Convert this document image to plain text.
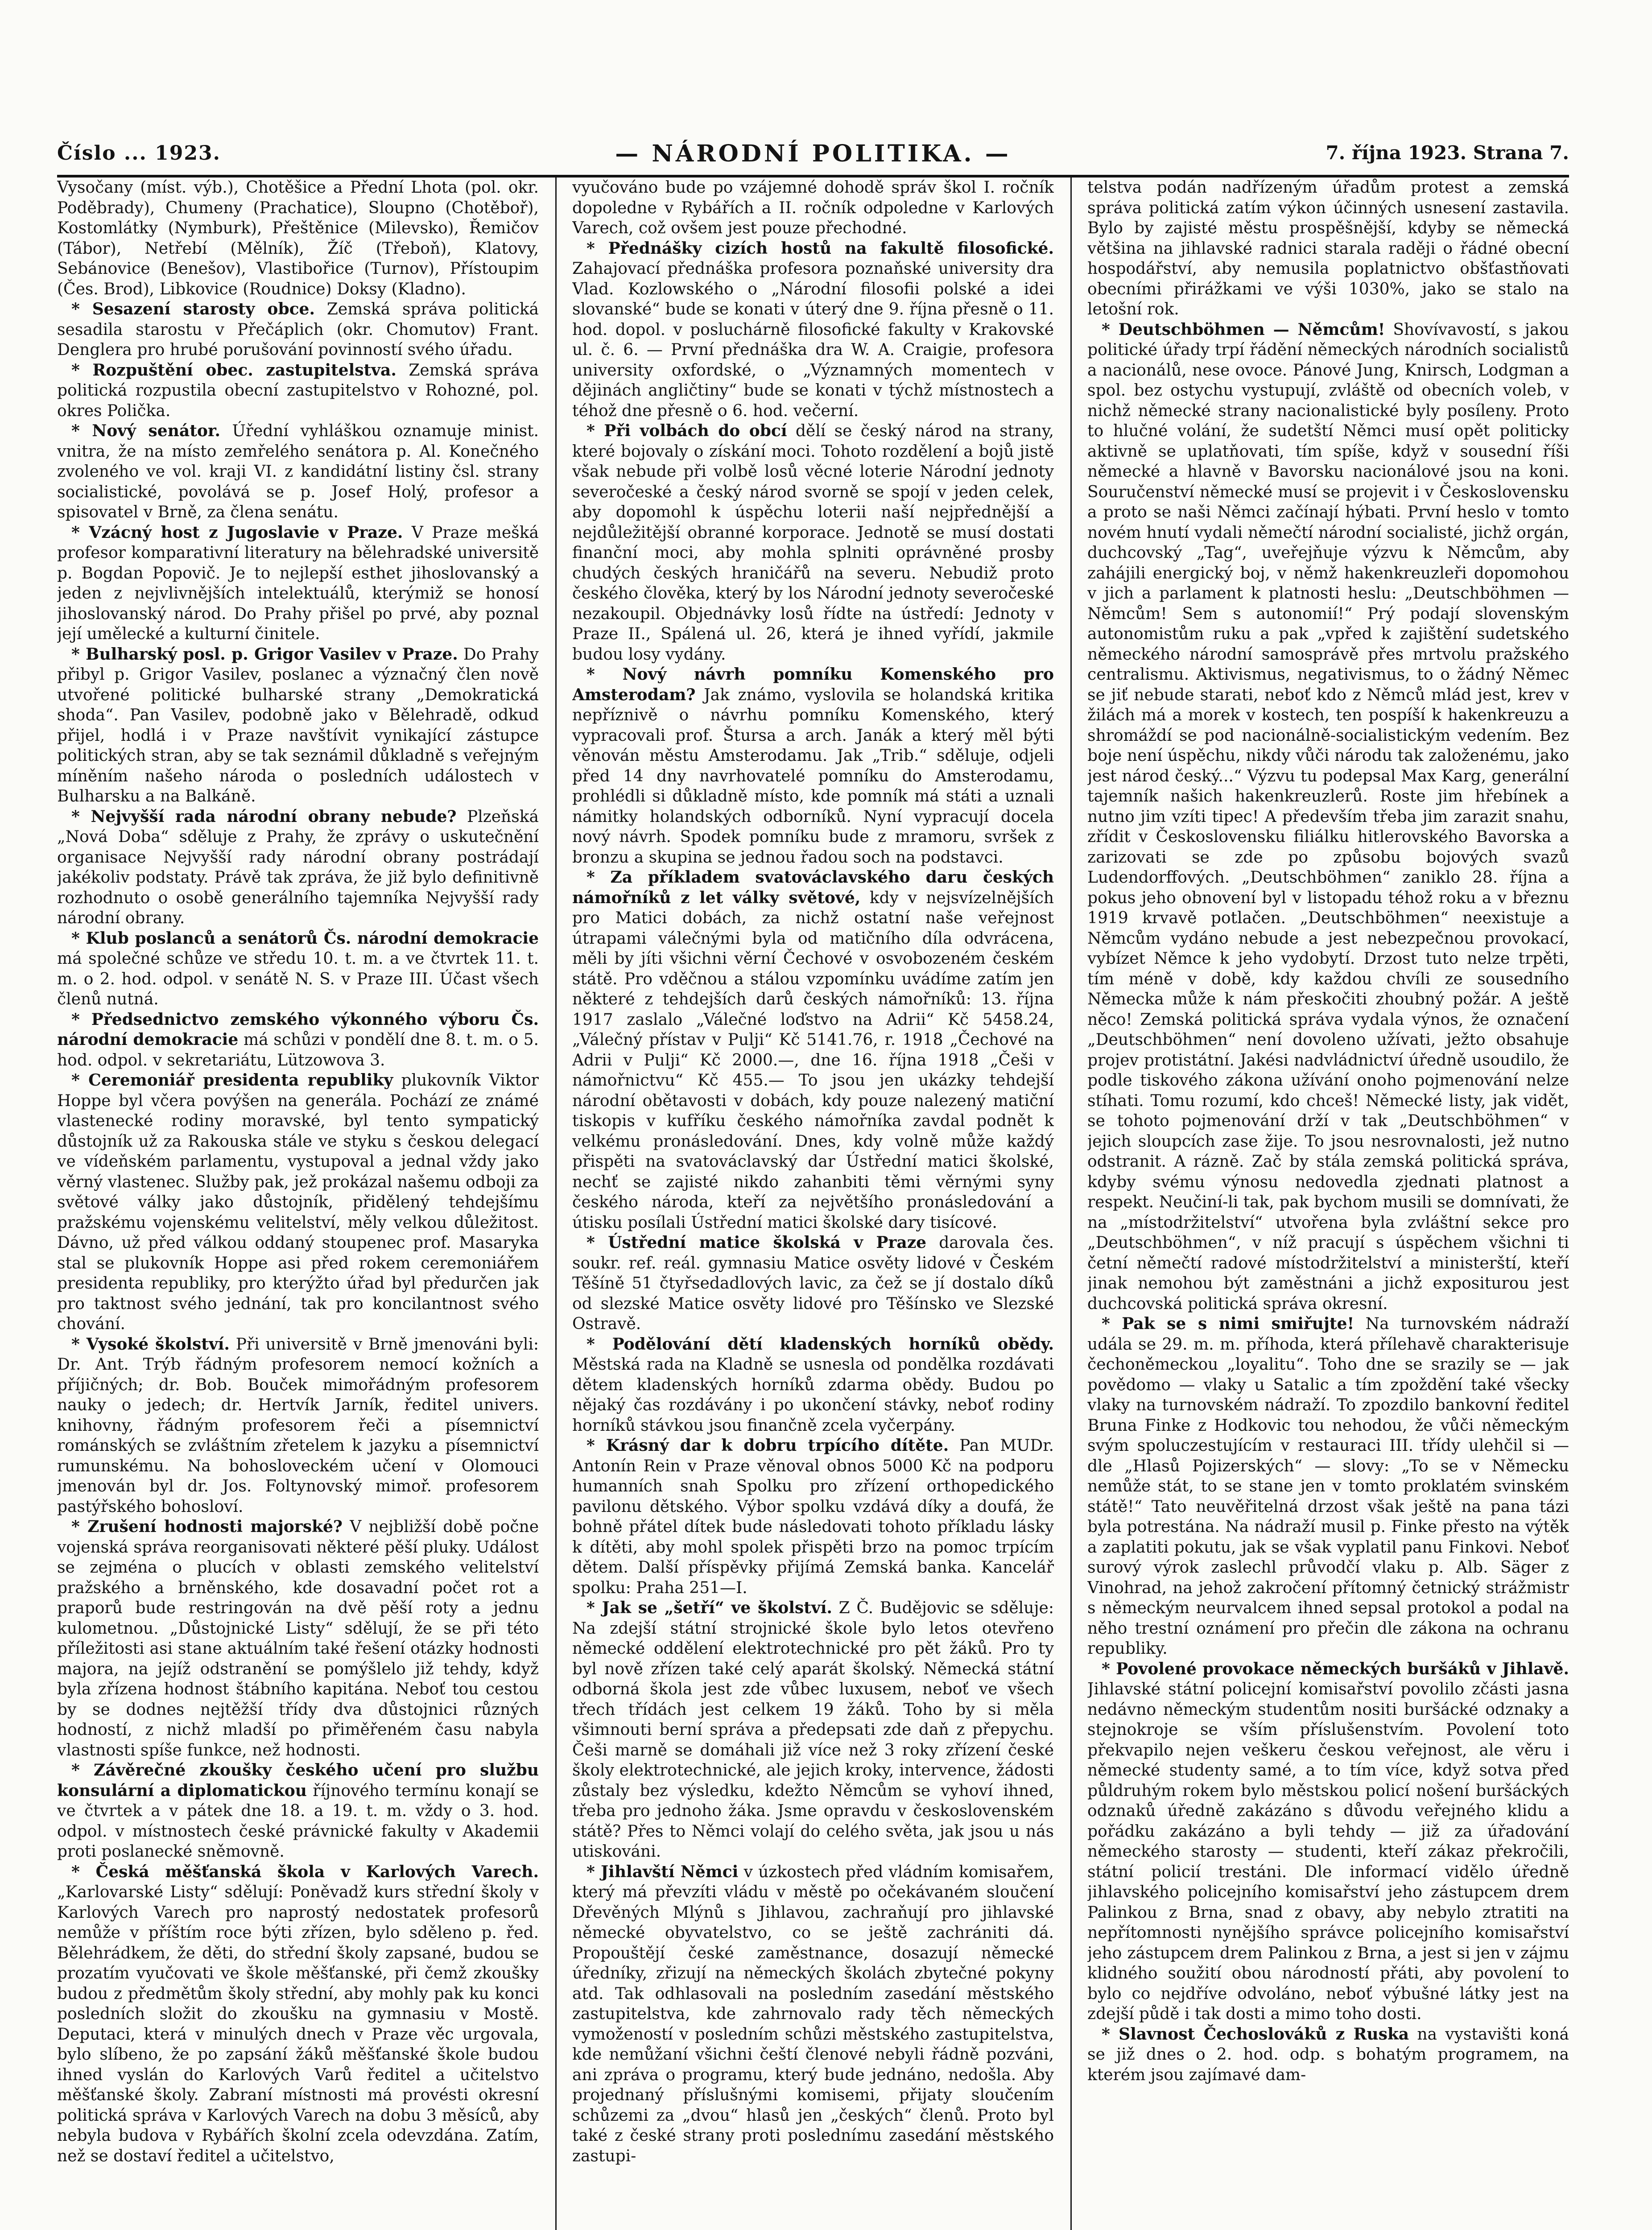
Číslo ... 1923.	— NÁRODNÍ POLITIKA. —	7. října 1923. Strana 7.

Vysočany (míst. výb.), Chotěšice a Přední Lhota (pol. okr. Poděbrady), Chumeny (Prachatice), Sloupno (Chotěboř), Kostomlátky (Nymburk), Přeštěnice (Milevsko), Řemičov (Tábor), Netřebí (Mělník), Žíč (Třeboň), Klatovy, Sebánovice (Benešov), Vlastibořice (Turnov), Přístoupim (Čes. Brod), Libkovice (Roudnice) Doksy (Kladno).

* Sesazení starosty obce. Zemská správa politická sesadila starostu v Přečáplich (okr. Chomutov) Frant. Denglera pro hrubé porušování povinností svého úřadu.

* Rozpuštění obec. zastupitelstva. Zemská správa politická rozpustila obecní zastupitelstvo v Rohozné, pol. okres Polička.

* Nový senátor. Úřední vyhláškou oznamuje minist. vnitra, že na místo zemřelého senátora p. Al. Konečného zvoleného ve vol. kraji VI. z kandidátní listiny čsl. strany socialistické, povolává se p. Josef Holý, profesor a spisovatel v Brně, za člena senátu.

* Vzácný host z Jugoslavie v Praze. V Praze mešká profesor komparativní literatury na bělehradské universitě p. Bogdan Popovič. Je to nejlepší esthet jihoslovanský a jeden z nejvlivnějších intelektuálů, kterýmiž se honosí jihoslovanský národ. Do Prahy přišel po prvé, aby poznal její umělecké a kulturní činitele.

* Bulharský posl. p. Grigor Vasilev v Praze. Do Prahy přibyl p. Grigor Vasilev, poslanec a význačný člen nově utvořené politické bulharské strany „Demokratická shoda“. Pan Vasilev, podobně jako v Bělehradě, odkud přijel, hodlá i v Praze navštívit vynikající zástupce politických stran, aby se tak seznámil důkladně s veřejným míněním našeho národa o posledních událostech v Bulharsku a na Balkáně.

* Nejvyšší rada národní obrany nebude? Plzeňská „Nová Doba“ sděluje z Prahy, že zprávy o uskutečnění organisace Nejvyšší rady národní obrany postrádají jakékoliv podstaty. Právě tak zpráva, že již bylo definitivně rozhodnuto o osobě generálního tajemníka Nejvyšší rady národní obrany.

* Klub poslanců a senátorů Čs. národní demokracie má společné schůze ve středu 10. t. m. a ve čtvrtek 11. t. m. o 2. hod. odpol. v senátě N. S. v Praze III. Účast všech členů nutná.

* Předsednictvo zemského výkonného výboru Čs. národní demokracie má schůzi v pondělí dne 8. t. m. o 5. hod. odpol. v sekretariátu, Lützowova 3.

* Ceremoniář presidenta republiky plukovník Viktor Hoppe byl včera povýšen na generála. Pochází ze známé vlastenecké rodiny moravské, byl tento sympatický důstojník už za Rakouska stále ve styku s českou delegací ve vídeňském parlamentu, vystupoval a jednal vždy jako věrný vlastenec. Služby pak, jež prokázal našemu odboji za světové války jako důstojník, přidělený tehdejšímu pražskému vojenskému velitelství, měly velkou důležitost. Dávno, už před válkou oddaný stoupenec prof. Masaryka stal se plukovník Hoppe asi před rokem ceremoniářem presidenta republiky, pro kterýžto úřad byl předurčen jak pro taktnost svého jednání, tak pro koncilantnost svého chování.

* Vysoké školství. Při universitě v Brně jmenováni byli: Dr. Ant. Trýb řádným profesorem nemocí kožních a příjičných; dr. Bob. Bouček mimořádným profesorem nauky o jedech; dr. Hertvík Jarník, ředitel univers. knihovny, řádným profesorem řeči a písemnictví románských se zvláštním zřetelem k jazyku a písemnictví rumunskému. Na bohosloveckém učení v Olomouci jmenován byl dr. Jos. Foltynovský mimoř. profesorem pastýřského bohosloví.

* Zrušení hodnosti majorské? V nejbližší době počne vojenská správa reorganisovati některé pěší pluky. Událost se zejména o plucích v oblasti zemského velitelství pražského a brněnského, kde dosavadní počet rot a praporů bude restringován na dvě pěší roty a jednu kulometnou. „Důstojnické Listy“ sdělují, že se při této příležitosti asi stane aktuálním také řešení otázky hodnosti majora, na jejíž odstranění se pomýšlelo již tehdy, když byla zřízena hodnost štábního kapitána. Neboť tou cestou by se dodnes nejtěžší třídy dva důstojnici různých hodností, z nichž mladší po přiměřeném času nabyla vlastnosti spíše funkce, než hodnosti.

* Závěrečné zkoušky českého učení pro službu konsulární a diplomatickou říjnového termínu konají se ve čtvrtek a v pátek dne 18. a 19. t. m. vždy o 3. hod. odpol. v místnostech české právnické fakulty v Akademii proti poslanecké sněmovně.

* Česká měšťanská škola v Karlových Varech. „Karlovarské Listy“ sdělují: Poněvadž kurs střední školy v Karlových Varech pro naprostý nedostatek profesorů nemůže v příštím roce býti zřízen, bylo sděleno p. řed. Bělehrádkem, že děti, do střední školy zapsané, budou se prozatím vyučovati ve škole měšťanské, při čemž zkoušky budou z předmětům školy střední, aby mohly pak ku konci posledních složit do zkoušku na gymnasiu v Mostě. Deputaci, která v minulých dnech v Praze věc urgovala, bylo slíbeno, že po zapsání žáků měšťanské škole budou ihned vyslán do Karlových Varů ředitel a učitelstvo měšťanské školy. Zabraní místnosti má provésti okresní politická správa v Karlových Varech na dobu 3 měsíců, aby nebyla budova v Rybářích školní zcela odevzdána. Zatím, než se dostaví ředitel a učitelstvo,

vyučováno bude po vzájemné dohodě správ škol I. ročník dopoledne v Rybářích a II. ročník odpoledne v Karlových Varech, což ovšem jest pouze přechodné.

* Přednášky cizích hostů na fakultě filosofické. Zahajovací přednáška profesora poznaňské university dra Vlad. Kozlowského o „Národní filosofii polské a idei slovanské“ bude se konati v úterý dne 9. října přesně o 11. hod. dopol. v posluchárně filosofické fakulty v Krakovské ul. č. 6. — První přednáška dra W. A. Craigie, profesora university oxfordské, o „Významných momentech v dějinách angličtiny“ bude se konati v týchž místnostech a téhož dne přesně o 6. hod. večerní.

* Při volbách do obcí dělí se český národ na strany, které bojovaly o získání moci. Tohoto rozdělení a bojů jistě však nebude při volbě losů věcné loterie Národní jednoty severočeské a český národ svorně se spojí v jeden celek, aby dopomohl k úspěchu loterii naší nejpřednější a nejdůležitější obranné korporace. Jednotě se musí dostati finanční moci, aby mohla splniti oprávněné prosby chudých českých hraničářů na severu. Nebudiž proto českého člověka, který by los Národní jednoty severočeské nezakoupil. Objednávky losů řídte na ústředí: Jednoty v Praze II., Spálená ul. 26, která je ihned vyřídí, jakmile budou losy vydány.

* Nový návrh pomníku Komenského pro Amsterodam? Jak známo, vyslovila se holandská kritika nepříznivě o návrhu pomníku Komenského, který vypracovali prof. Štursa a arch. Janák a který měl býti věnován městu Amsterodamu. Jak „Trib.“ sděluje, odjeli před 14 dny navrhovatelé pomníku do Amsterodamu, prohlédli si důkladně místo, kde pomník má státi a uznali námitky holandských odborníků. Nyní vypracují docela nový návrh. Spodek pomníku bude z mramoru, svršek z bronzu a skupina se jednou řadou soch na podstavci.

* Za příkladem svatováclavského daru českých námořníků z let války světové, kdy v nejsvízelnějších pro Matici dobách, za nichž ostatní naše veřejnost útrapami válečnými byla od matičního díla odvrácena, měli by jíti všichni věrní Čechové v osvobozeném českém státě. Pro vděčnou a stálou vzpomínku uvádíme zatím jen některé z tehdejších darů českých námořníků: 13. října 1917 zaslalo „Válečné loďstvo na Adrii“ Kč 5458.24, „Válečný přístav v Pulji“ Kč 5141.76, r. 1918 „Čechové na Adrii v Pulji“ Kč 2000.—, dne 16. října 1918 „Češi v námořnictvu“ Kč 455.— To jsou jen ukázky tehdejší národní obětavosti v dobách, kdy pouze nalezený matiční tiskopis v kufříku českého námořníka zavdal podnět k velkému pronásledování. Dnes, kdy volně může každý přispěti na svatováclavský dar Ústřední matici školské, nechť se zajisté nikdo zahanbiti těmi věrnými syny českého národa, kteří za největšího pronásledování a útisku posílali Ústřední matici školské dary tisícové.

* Ústřední matice školská v Praze darovala čes. soukr. ref. reál. gymnasiu Matice osvěty lidové v Českém Těšíně 51 čtyřsedadlových lavic, za čež se jí dostalo díků od slezské Matice osvěty lidové pro Těšínsko ve Slezské Ostravě.

* Podělování dětí kladenských horníků obědy. Městská rada na Kladně se usnesla od pondělka rozdávati dětem kladenských horníků zdarma obědy. Budou po nějaký čas rozdávány i po ukončení stávky, neboť rodiny horníků stávkou jsou finančně zcela vyčerpány.

* Krásný dar k dobru trpícího dítěte. Pan MUDr. Antonín Rein v Praze věnoval obnos 5000 Kč na podporu humanních snah Spolku pro zřízení orthopedického pavilonu dětského. Výbor spolku vzdává díky a doufá, že bohně přátel dítek bude následovati tohoto příkladu lásky k dítěti, aby mohl spolek přispěti brzo na pomoc trpícím dětem. Další příspěvky přijímá Zemská banka. Kancelář spolku: Praha 251—I.

* Jak se „šetří“ ve školství. Z Č. Budějovic se sděluje: Na zdejší státní strojnické škole bylo letos otevřeno německé oddělení elektrotechnické pro pět žáků. Pro ty byl nově zřízen také celý aparát školský. Německá státní odborná škola jest zde vůbec luxusem, neboť ve všech třech třídách jest celkem 19 žáků. Toho by si měla všimnouti berní správa a předepsati zde daň z přepychu. Češi marně se domáhali již více než 3 roky zřízení české školy elektrotechnické, ale jejich kroky, intervence, žádosti zůstaly bez výsledku, kdežto Němcům se vyhoví ihned, třeba pro jednoho žáka. Jsme opravdu v československém státě? Přes to Němci volají do celého světa, jak jsou u nás utiskováni.

* Jihlavští Němci v úzkostech před vládním komisařem, který má převzíti vládu v městě po očekávaném sloučení Dřevěných Mlýnů s Jihlavou, zachraňují pro jihlavské německé obyvatelstvo, co se ještě zachrániti dá. Propouštějí české zaměstnance, dosazují německé úředníky, zřizují na německých školách zbytečné pokyny atd. Tak odhlasovali na posledním zasedání městského zastupitelstva, kde zahrnovalo rady těch německých vymožeností v posledním schůzi městského zastupitelstva, kde nemůžaní všichni čeští členové nebyli řádně pozváni, ani zpráva o programu, který bude jednáno, nedošla. Aby projednaný příslušnými komisemi, přijaty sloučením schůzemi za „dvou“ hlasů jen „českých“ členů. Proto byl také z české strany proti poslednímu zasedání městského zastupi-

telstva podán nadřízeným úřadům protest a zemská správa politická zatím výkon účinných usnesení zastavila. Bylo by zajisté městu prospěšnější, kdyby se německá většina na jihlavské radnici starala raději o řádné obecní hospodářství, aby nemusila poplatnictvo obšťastňovati obecními přirážkami ve výši 1030%, jako se stalo na letošní rok.

* Deutschböhmen — Němcům! Shovívavostí, s jakou politické úřady trpí řádění německých národních socialistů a nacionálů, nese ovoce. Pánové Jung, Knirsch, Lodgman a spol. bez ostychu vystupují, zvláště od obecních voleb, v nichž německé strany nacionalistické byly posíleny. Proto to hlučné volání, že sudetští Němci musí opět politicky aktivně se uplatňovati, tím spíše, když v sousední říši německé a hlavně v Bavorsku nacionálové jsou na koni. Souručenství německé musí se projevit i v Československu a proto se naši Němci začínají hýbati. První heslo v tomto novém hnutí vydali němečtí národní socialisté, jichž orgán, duchcovský „Tag“, uveřejňuje výzvu k Němcům, aby zahájili energický boj, v němž hakenkreuzleři dopomohou v jich a parlament k platnosti heslu: „Deutschböhmen — Němcům! Sem s autonomií!“ Prý podají slovenským autonomistům ruku a pak „vpřed k zajištění sudetského německého národní samosprávě přes mrtvolu pražského centralismu. Aktivismus, negativismus, to o žádný Němec se jiť nebude starati, neboť kdo z Němců mlád jest, krev v žilách má a morek v kostech, ten pospíší k hakenkreuzu a shromáždí se pod nacionálně-socialistickým vedením. Bez boje není úspěchu, nikdy vůči národu tak založenému, jako jest národ český...“ Výzvu tu podepsal Max Karg, generální tajemník našich hakenkreuzlerů. Roste jim hřebínek a nutno jim vzíti tipec! A především třeba jim zarazit snahu, zřídit v Československu filiálku hitlerovského Bavorska a zarizovati se zde po způsobu bojových svazů Ludendorffových. „Deutschböhmen“ zaniklo 28. října a pokus jeho obnovení byl v listopadu téhož roku a v březnu 1919 krvavě potlačen. „Deutschböhmen“ neexistuje a Němcům vydáno nebude a jest nebezpečnou provokací, vybízet Němce k jeho vydobytí. Drzost tuto nelze trpěti, tím méně v době, kdy každou chvíli ze sousedního Německa může k nám přeskočiti zhoubný požár. A ještě něco! Zemská politická správa vydala výnos, že označení „Deutschböhmen“ není dovoleno užívati, ježto obsahuje projev protistátní. Jakési nadvládnictví úředně usoudilo, že podle tiskového zákona užívání onoho pojmenování nelze stíhati. Tomu rozumí, kdo chceš! Německé listy, jak vidět, se tohoto pojmenování drží v tak „Deutschböhmen“ v jejich sloupcích zase žije. To jsou nesrovnalosti, jež nutno odstranit. A rázně. Zač by stála zemská politická správa, kdyby svému výnosu nedovedla zjednati platnost a respekt. Neučiní-li tak, pak bychom musili se domnívati, že na „místodržitelství“ utvořena byla zvláštní sekce pro „Deutschböhmen“, v níž pracují s úspěchem všichni ti četní němečtí radové místodržitelství a ministerští, kteří jinak nemohou být zaměstnáni a jichž expositurou jest duchcovská politická správa okresní.

* Pak se s nimi smiřujte! Na turnovském nádraží udála se 29. m. m. příhoda, která přílehavě charakterisuje čechoněmeckou „loyalitu“. Toho dne se srazily se — jak povědomo — vlaky u Satalic a tím zpoždění také všecky vlaky na turnovském nádraží. To zpozdilo bankovní ředitel Bruna Finke z Hodkovic tou nehodou, že vůči německým svým spoluczestujícím v restauraci III. třídy ulehčil si — dle „Hlasů Pojizerských“ — slovy: „To se v Německu nemůže stát, to se stane jen v tomto proklatém svinském státě!“ Tato neuvěřitelná drzost však ještě na pana tázi byla potrestána. Na nádraží musil p. Finke přesto na výtěk a zaplatiti pokutu, jak se však vyplatil panu Finkovi. Neboť surový výrok zaslechl průvodčí vlaku p. Alb. Säger z Vinohrad, na jehož zakročení přítomný četnický strážmistr s německým neurvalcem ihned sepsal protokol a podal na něho trestní oznámení pro přečin dle zákona na ochranu republiky.

* Povolené provokace německých buršáků v Jihlavě. Jihlavské státní policejní komisařství povolilo zčásti jasna nedávno německým studentům nositi buršácké odznaky a stejnokroje se vším příslušenstvím. Povolení toto překvapilo nejen veškeru českou veřejnost, ale věru i německé studenty samé, a to tím více, když sotva před půldruhým rokem bylo městskou policí nošení buršáckých odznaků úředně zakázáno s důvodu veřejného klidu a pořádku zakázáno a byli tehdy — již za úřadování německého starosty — studenti, kteří zákaz překročili, státní policií trestáni. Dle informací vidělo úředně jihlavského policejního komisařství jeho zástupcem drem Palinkou z Brna, snad z obavy, aby nebylo ztratiti na nepřítomnosti nynějšího správce policejního komisařství jeho zástupcem drem Palinkou z Brna, a jest si jen v zájmu klidného soužití obou národností přáti, aby povolení to bylo co nejdříve odvoláno, neboť výbušné látky jest na zdejší půdě i tak dosti a mimo toho dosti.

* Slavnost Čechoslováků z Ruska na vystavišti koná se již dnes o 2. hod. odp. s bohatým programem, na kterém jsou zajímavé dam-
